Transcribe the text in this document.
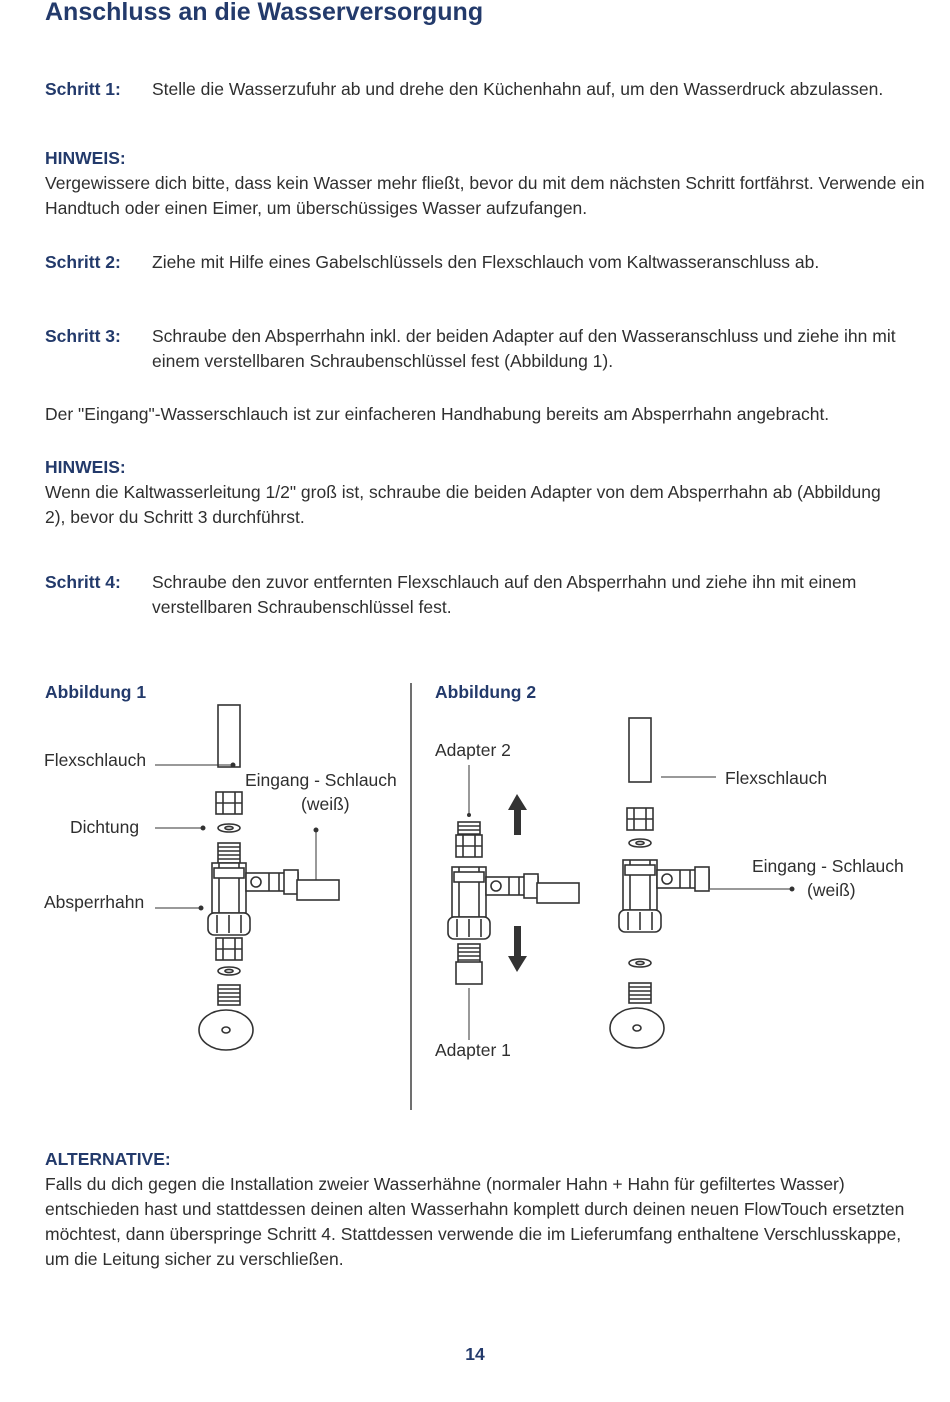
Anschluss an die Wasserversorgung
Schritt 1: Stelle die Wasserzufuhr ab und drehe den Küchenhahn auf, um den Wasserdruck abzulassen.
HINWEIS:
Vergewissere dich bitte, dass kein Wasser mehr fließt, bevor du mit dem nächsten Schritt fortfährst. Verwende ein Handtuch oder einen Eimer, um überschüssiges Wasser aufzufangen.
Schritt 2: Ziehe mit Hilfe eines Gabelschlüssels den Flexschlauch vom Kaltwasseranschluss ab.
Schritt 3: Schraube den Absperrhahn inkl. der beiden Adapter auf den Wasseranschluss und ziehe ihn mit einem verstellbaren Schraubenschlüssel fest (Abbildung 1).
Der "Eingang"-Wasserschlauch ist zur einfacheren Handhabung bereits am Absperrhahn angebracht.
HINWEIS:
Wenn die Kaltwasserleitung 1/2" groß ist, schraube die beiden Adapter von dem Absperrhahn ab (Abbildung 2), bevor du Schritt 3 durchführst.
Schritt 4: Schraube den zuvor entfernten Flexschlauch auf den Absperrhahn und ziehe ihn mit einem verstellbaren Schraubenschlüssel fest.
Abbildung 1
Flexschlauch
Eingang - Schlauch
(weiß)
Dichtung
Absperrhahn
Abbildung 2
Adapter 2
Adapter 1
Flexschlauch
Eingang - Schlauch
(weiß)
ALTERNATIVE:
Falls du dich gegen die Installation zweier Wasserhähne (normaler Hahn + Hahn für gefiltertes Wasser) entschieden hast und stattdessen deinen alten Wasserhahn komplett durch deinen neuen FlowTouch ersetzten möchtest, dann überspringe Schritt 4. Stattdessen verwende die im Lieferumfang enthaltene Verschlusskappe, um die Leitung sicher zu verschließen.
14
